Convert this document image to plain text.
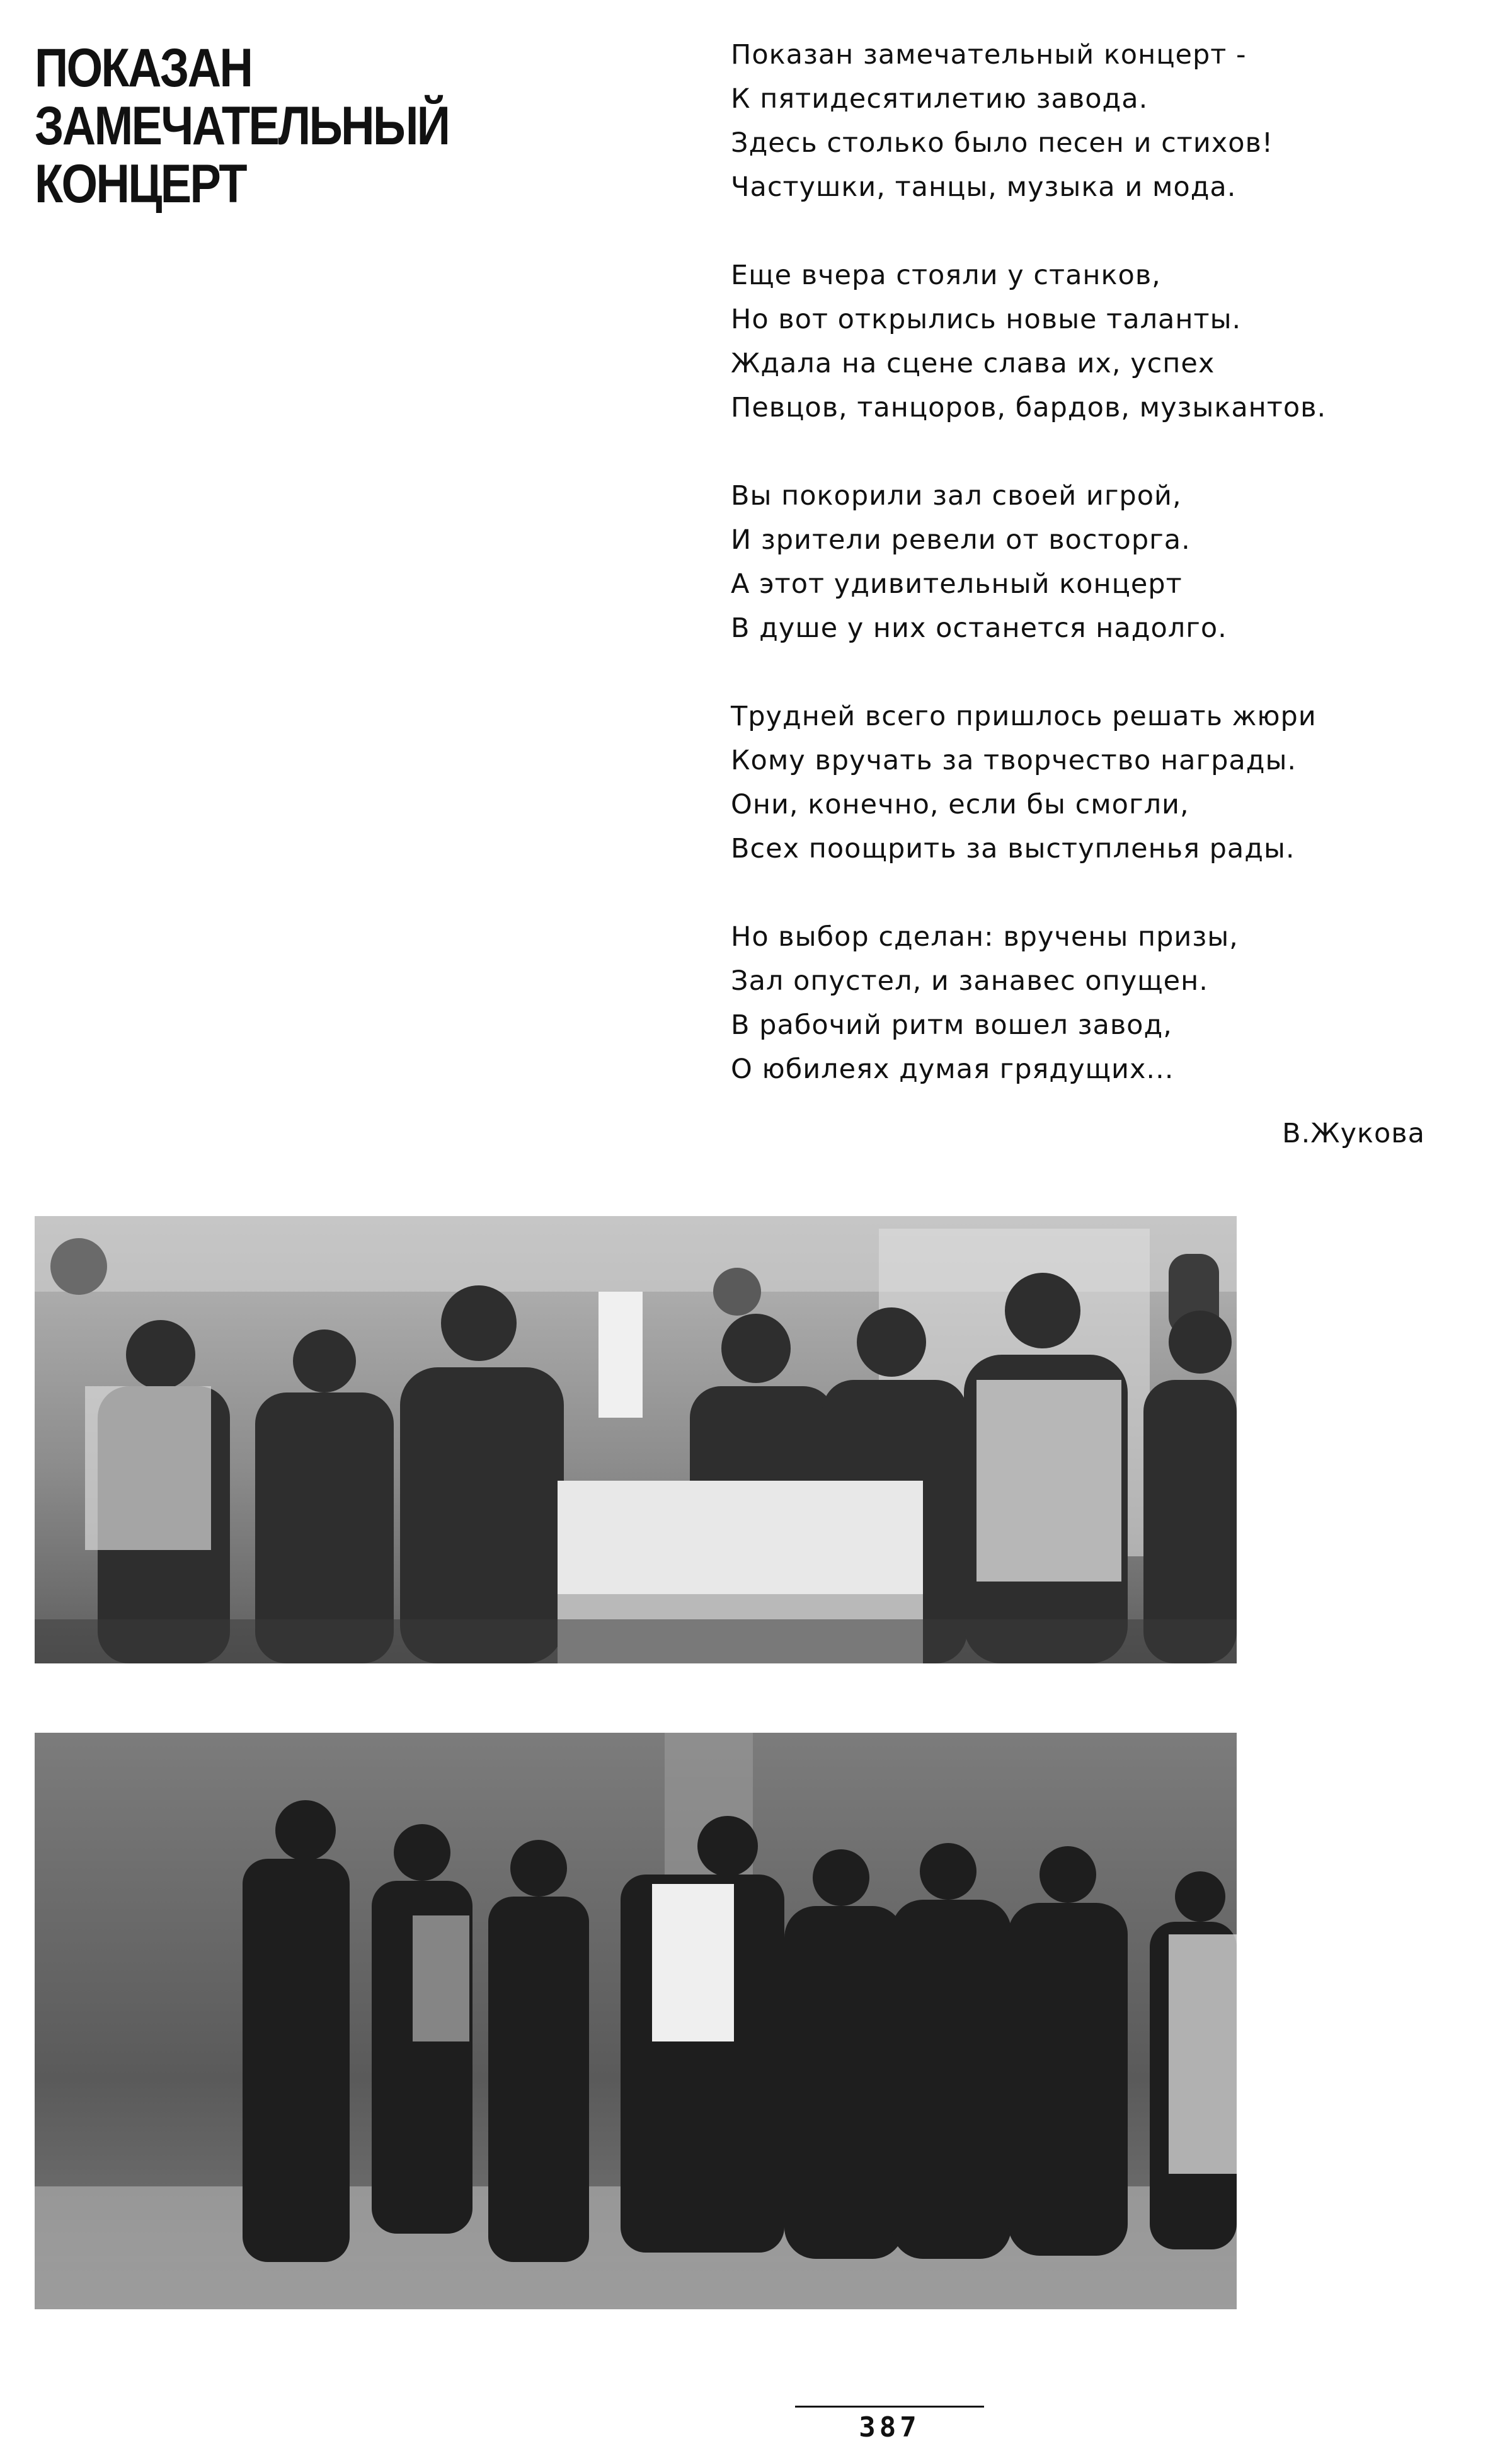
ПОКАЗАН
ЗАМЕЧАТЕЛЬНЫЙ
КОНЦЕРТ
Показан замечательный концерт -
К пятидесятилетию завода.
Здесь столько было песен и стихов!
Частушки, танцы, музыка и мода.
Еще вчера стояли у станков,
Но вот открылись новые таланты.
Ждала на сцене слава их, успех
Певцов, танцоров, бардов, музыкантов.
Вы покорили зал своей игрой,
И зрители ревели от восторга.
А этот удивительный концерт
В душе у них останется надолго.
Трудней всего пришлось решать жюри
Кому вручать за творчество награды.
Они, конечно, если бы смогли,
Всех поощрить за выступленья рады.
Но выбор сделан: вручены призы,
Зал опустел, и занавес опущен.
В рабочий ритм вошел завод,
О юбилеях думая грядущих...
В.Жукова
387
